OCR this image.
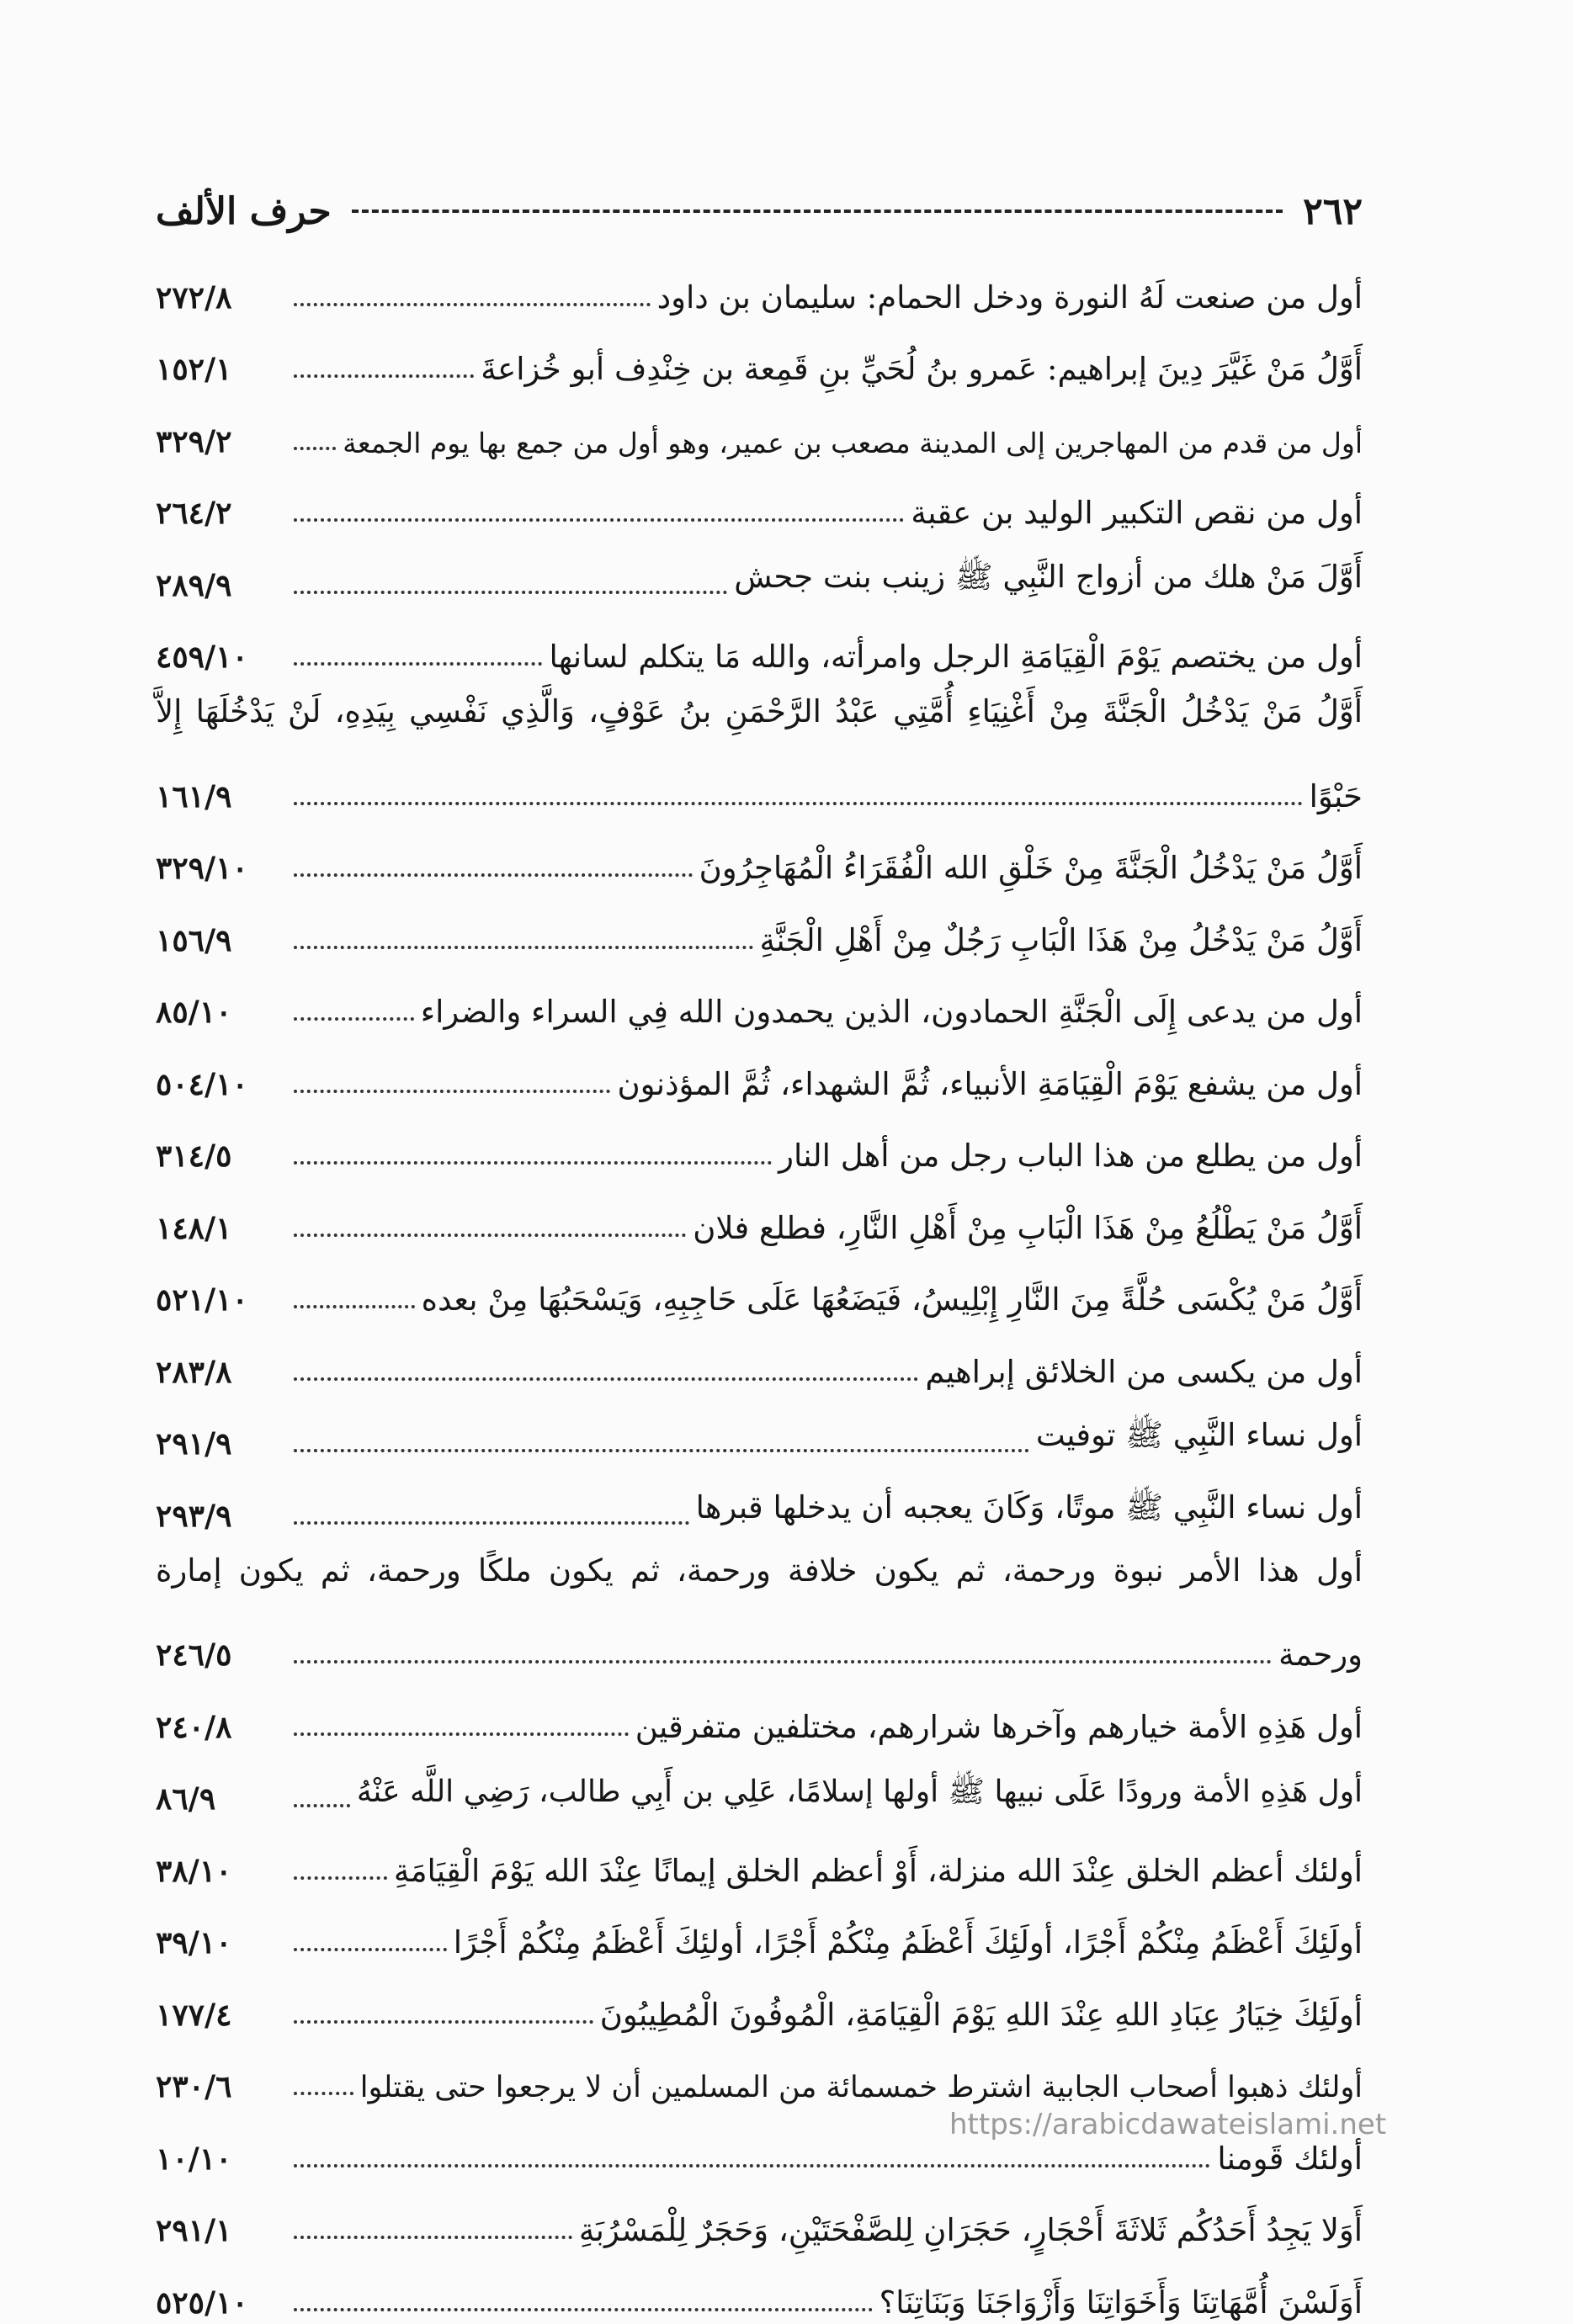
٢٦٢
حرف الألف
أول من صنعت لَهُ النورة ودخل الحمام: سليمان بن داود
٢٧٢/٨
أَوَّلُ مَنْ غَيَّرَ دِينَ إبراهيم: عَمرو بنُ لُحَيِّ بنِ قَمِعة بن خِنْدِف أبو خُزاعةَ
١٥٢/١
أول من قدم من المهاجرين إلى المدينة مصعب بن عمير، وهو أول من جمع بها يوم الجمعة
٣٢٩/٢
أول من نقص التكبير الوليد بن عقبة
٢٦٤/٢
أَوَّلَ مَنْ هلك من أزواج النَّبِي ﷺ زينب بنت جحش
٢٨٩/٩
أول من يختصم يَوْمَ الْقِيَامَةِ الرجل وامرأته، والله مَا يتكلم لسانها
٤٥٩/١٠
أَوَّلُ مَنْ يَدْخُلُ الْجَنَّةَ مِنْ أَغْنِيَاءِ أُمَّتِي عَبْدُ الرَّحْمَنِ بنُ عَوْفٍ، وَالَّذِي نَفْسِي بِيَدِهِ، لَنْ يَدْخُلَهَا إِلاَّ
حَبْوًا
١٦١/٩
أَوَّلُ مَنْ يَدْخُلُ الْجَنَّةَ مِنْ خَلْقِ الله الْفُقَرَاءُ الْمُهَاجِرُونَ
٣٢٩/١٠
أَوَّلُ مَنْ يَدْخُلُ مِنْ هَذَا الْبَابِ رَجُلٌ مِنْ أَهْلِ الْجَنَّةِ
١٥٦/٩
أول من يدعى إِلَى الْجَنَّةِ الحمادون، الذين يحمدون الله فِي السراء والضراء
٨٥/١٠
أول من يشفع يَوْمَ الْقِيَامَةِ الأنبياء، ثُمَّ الشهداء، ثُمَّ المؤذنون
٥٠٤/١٠
أول من يطلع من هذا الباب رجل من أهل النار
٣١٤/٥
أَوَّلُ مَنْ يَطْلُعُ مِنْ هَذَا الْبَابِ مِنْ أَهْلِ النَّارِ، فطلع فلان
١٤٨/١
أَوَّلُ مَنْ يُكْسَى حُلَّةً مِنَ النَّارِ إِبْلِيسُ، فَيَضَعُهَا عَلَى حَاجِبِهِ، وَيَسْحَبُهَا مِنْ بعده
٥٢١/١٠
أول من يكسى من الخلائق إبراهيم
٢٨٣/٨
أول نساء النَّبِي ﷺ توفيت
٢٩١/٩
أول نساء النَّبِي ﷺ موتًا، وَكَانَ يعجبه أن يدخلها قبرها
٢٩٣/٩
أول هذا الأمر نبوة ورحمة، ثم يكون خلافة ورحمة، ثم يكون ملكًا ورحمة، ثم يكون إمارة
ورحمة
٢٤٦/٥
أول هَذِهِ الأمة خيارهم وآخرها شرارهم، مختلفين متفرقين
٢٤٠/٨
أول هَذِهِ الأمة ورودًا عَلَى نبيها ﷺ أولها إسلامًا، عَلِي بن أَبِي طالب، رَضِي اللَّه عَنْهُ
٨٦/٩
أولئك أعظم الخلق عِنْدَ الله منزلة، أَوْ أعظم الخلق إيمانًا عِنْدَ الله يَوْمَ الْقِيَامَةِ
٣٨/١٠
أولَئِكَ أَعْظَمُ مِنْكُمْ أَجْرًا، أولَئِكَ أَعْظَمُ مِنْكُمْ أَجْرًا، أولئِكَ أَعْظَمُ مِنْكُمْ أَجْرًا
٣٩/١٠
أولَئِكَ خِيَارُ عِبَادِ اللهِ عِنْدَ اللهِ يَوْمَ الْقِيَامَةِ، الْمُوفُونَ الْمُطِيبُونَ
١٧٧/٤
أولئك ذهبوا أصحاب الجابية اشترط خمسمائة من المسلمين أن لا يرجعوا حتى يقتلوا
٢٣٠/٦
أولئك قَومنا
١٠/١٠
أَوَلا يَجِدُ أَحَدُكُم ثَلاثَةَ أَحْجَارٍ، حَجَرَانِ لِلصَّفْحَتَيْنِ، وَحَجَرٌ لِلْمَسْرُبَةِ
٢٩١/١
أَوَلَسْنَ أُمَّهَاتِنَا وَأَخَوَاتِنَا وَأَزْوَاجَنَا وَبَنَاتِنَا؟
٥٢٥/١٠
https://arabicdawateislami.net
